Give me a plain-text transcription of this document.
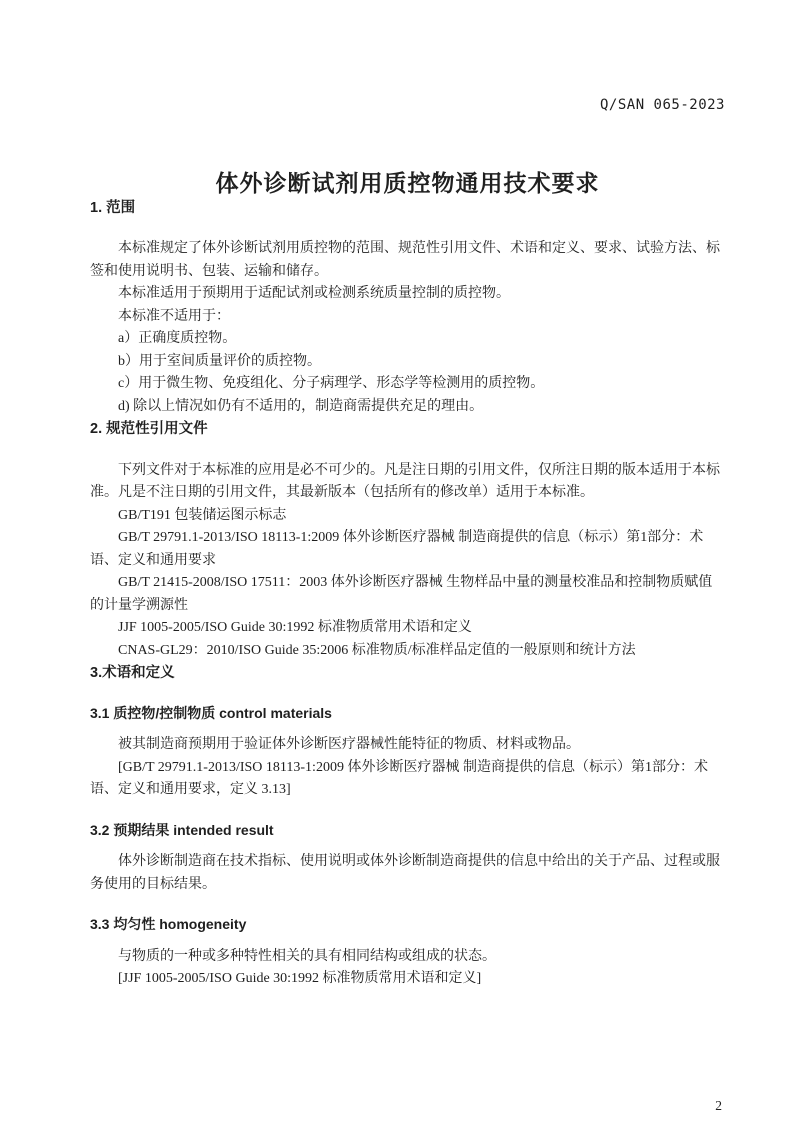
Q/SAN 065-2023
体外诊断试剂用质控物通用技术要求
1. 范围

本标准规定了体外诊断试剂用质控物的范围、规范性引用文件、术语和定义、要求、试验方法、标签和使用说明书、包装、运输和储存。

本标准适用于预期用于适配试剂或检测系统质量控制的质控物。

本标准不适用于：

a）正确度质控物。

b）用于室间质量评价的质控物。

c）用于微生物、免疫组化、分子病理学、形态学等检测用的质控物。

d) 除以上情况如仍有不适用的，制造商需提供充足的理由。

2. 规范性引用文件

下列文件对于本标准的应用是必不可少的。凡是注日期的引用文件，仅所注日期的版本适用于本标准。凡是不注日期的引用文件，其最新版本（包括所有的修改单）适用于本标准。

GB/T191 包装储运图示标志

GB/T 29791.1-2013/ISO 18113-1:2009 体外诊断医疗器械 制造商提供的信息（标示）第1部分：术语、定义和通用要求

GB/T 21415-2008/ISO 17511：2003 体外诊断医疗器械 生物样品中量的测量校准品和控制物质赋值的计量学溯源性

JJF 1005-2005/ISO Guide 30:1992 标准物质常用术语和定义

CNAS-GL29：2010/ISO Guide 35:2006 标准物质/标准样品定值的一般原则和统计方法

3.术语和定义
3.1 质控物/控制物质 control materials

被其制造商预期用于验证体外诊断医疗器械性能特征的物质、材料或物品。

[GB/T 29791.1-2013/ISO 18113-1:2009 体外诊断医疗器械 制造商提供的信息（标示）第1部分：术语、定义和通用要求，定义 3.13]

3.2 预期结果 intended result

体外诊断制造商在技术指标、使用说明或体外诊断制造商提供的信息中给出的关于产品、过程或服务使用的目标结果。

3.3 均匀性 homogeneity

与物质的一种或多种特性相关的具有相同结构或组成的状态。

[JJF 1005-2005/ISO Guide 30:1992 标准物质常用术语和定义]

2
